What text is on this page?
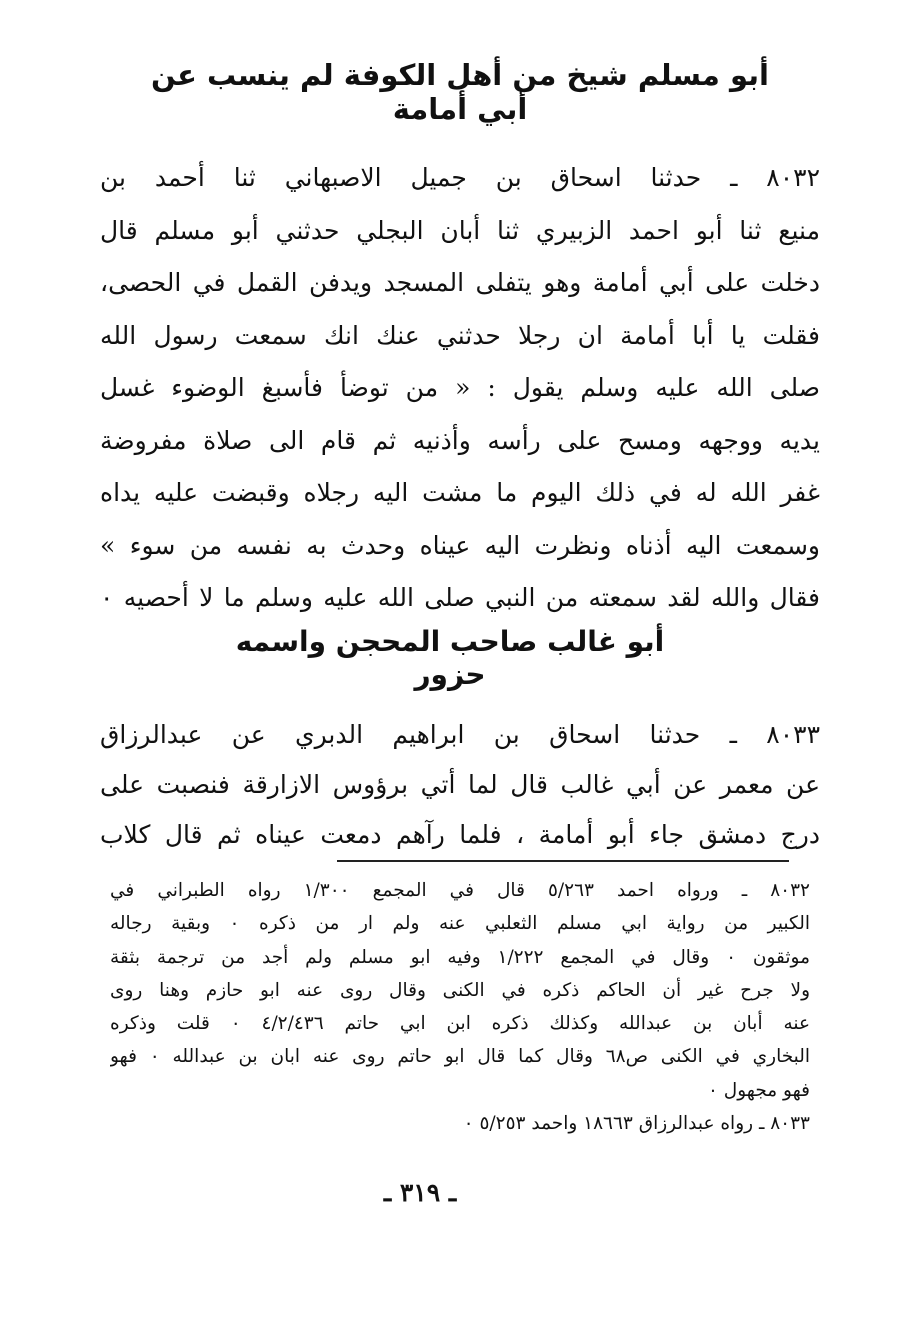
أبو مسلم شيخ من أهل الكوفة لم ينسب عن أبي أمامة
٨٠٣٢ ـ حدثنا اسحاق بن جميل الاصبهاني ثنا أحمد بن
منيع ثنا أبو احمد الزبيري ثنا أبان البجلي حدثني أبو مسلم قال
دخلت على أبي أمامة وهو يتفلى المسجد ويدفن القمل في الحصى،
فقلت يا أبا أمامة ان رجلا حدثني عنك انك سمعت رسول الله
صلى الله عليه وسلم يقول : « من توضأ فأسبغ الوضوء غسل
يديه ووجهه ومسح على رأسه وأذنيه ثم قام الى صلاة مفروضة
غفر الله له في ذلك اليوم ما مشت اليه رجلاه وقبضت عليه يداه
وسمعت اليه أذناه ونظرت اليه عيناه وحدث به نفسه من سوء »
فقال والله لقد سمعته من النبي صلى الله عليه وسلم ما لا أحصيه ٠
أبو غالب صاحب المحجن واسمه حزور
٨٠٣٣ ـ حدثنا اسحاق بن ابراهيم الدبري عن عبدالرزاق
عن معمر عن أبي غالب قال لما أتي برؤوس الازارقة فنصبت على
درج دمشق جاء أبو أمامة ، فلما رآهم دمعت عيناه ثم قال كلاب
٨٠٣٢ ـ ورواه احمد ٥/٢٦٣ قال في المجمع ١/٣٠٠ رواه الطبراني في
الكبير من رواية ابي مسلم الثعلبي عنه ولم ار من ذكره ٠ وبقية رجاله
موثقون ٠ وقال في المجمع ١/٢٢٢ وفيه ابو مسلم ولم أجد من ترجمة بثقة
ولا جرح غير أن الحاكم ذكره في الكنى وقال روى عنه ابو حازم وهنا روى
عنه أبان بن عبدالله وكذلك ذكره ابن ابي حاتم ٤/٢/٤٣٦ ٠ قلت وذكره
البخاري في الكنى ص٦٨ وقال كما قال ابو حاتم روى عنه ابان بن عبدالله ٠ فهو
فهو مجهول ٠
٨٠٣٣ ـ رواه عبدالرزاق ١٨٦٦٣ واحمد ٥/٢٥٣ ٠
ـ ٣١٩ ـ
